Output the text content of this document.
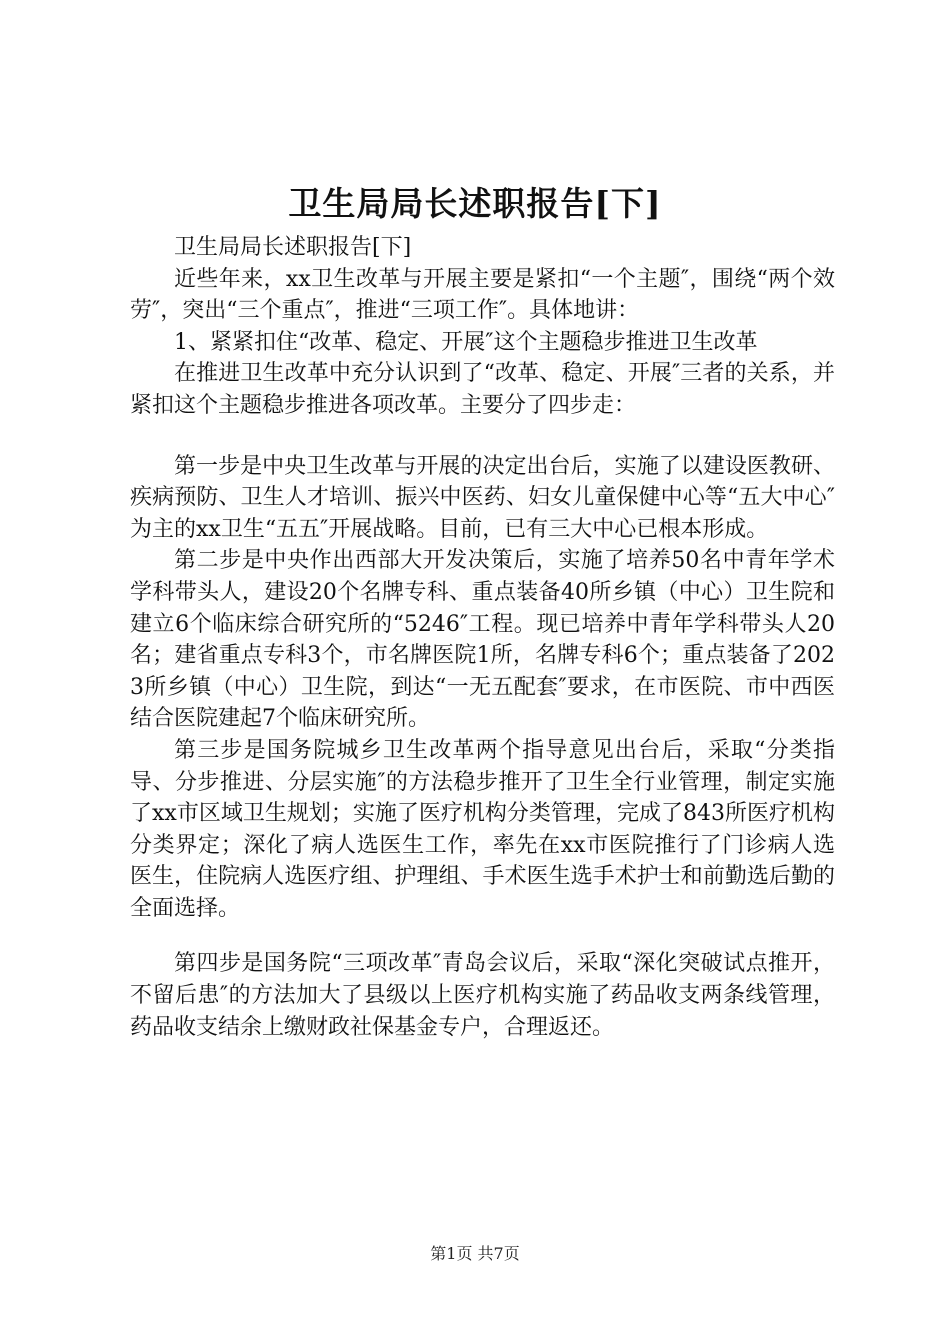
卫生局局长述职报告[下]

卫生局局长述职报告[下]

近些年来，xx卫生改革与开展主要是紧扣“一个主题″，围绕“两个效劳″，突出“三个重点″，推进“三项工作″。具体地讲：

1、紧紧扣住“改革、稳定、开展″这个主题稳步推进卫生改革

在推进卫生改革中充分认识到了“改革、稳定、开展″三者的关系，并紧扣这个主题稳步推进各项改革。主要分了四步走：

第一步是中央卫生改革与开展的决定出台后，实施了以建设医教研、疾病预防、卫生人才培训、振兴中医药、妇女儿童保健中心等“五大中心″为主的xx卫生“五五″开展战略。目前，已有三大中心已根本形成。

第二步是中央作出西部大开发决策后，实施了培养50名中青年学术学科带头人，建设20个名牌专科、重点装备40所乡镇（中心）卫生院和建立6个临床综合研究所的“5246″工程。现已培养中青年学科带头人20名；建省重点专科3个，市名牌医院1所，名牌专科6个；重点装备了2023所乡镇（中心）卫生院，到达“一无五配套″要求，在市医院、市中西医结合医院建起7个临床研究所。

第三步是国务院城乡卫生改革两个指导意见出台后，采取“分类指导、分步推进、分层实施″的方法稳步推开了卫生全行业管理，制定实施了xx市区域卫生规划；实施了医疗机构分类管理，完成了843所医疗机构分类界定；深化了病人选医生工作，率先在xx市医院推行了门诊病人选医生，住院病人选医疗组、护理组、手术医生选手术护士和前勤选后勤的全面选择。

第四步是国务院“三项改革″青岛会议后，采取“深化突破试点推开，不留后患″的方法加大了县级以上医疗机构实施了药品收支两条线管理，药品收支结余上缴财政社保基金专户，合理返还。

第1页 共7页
